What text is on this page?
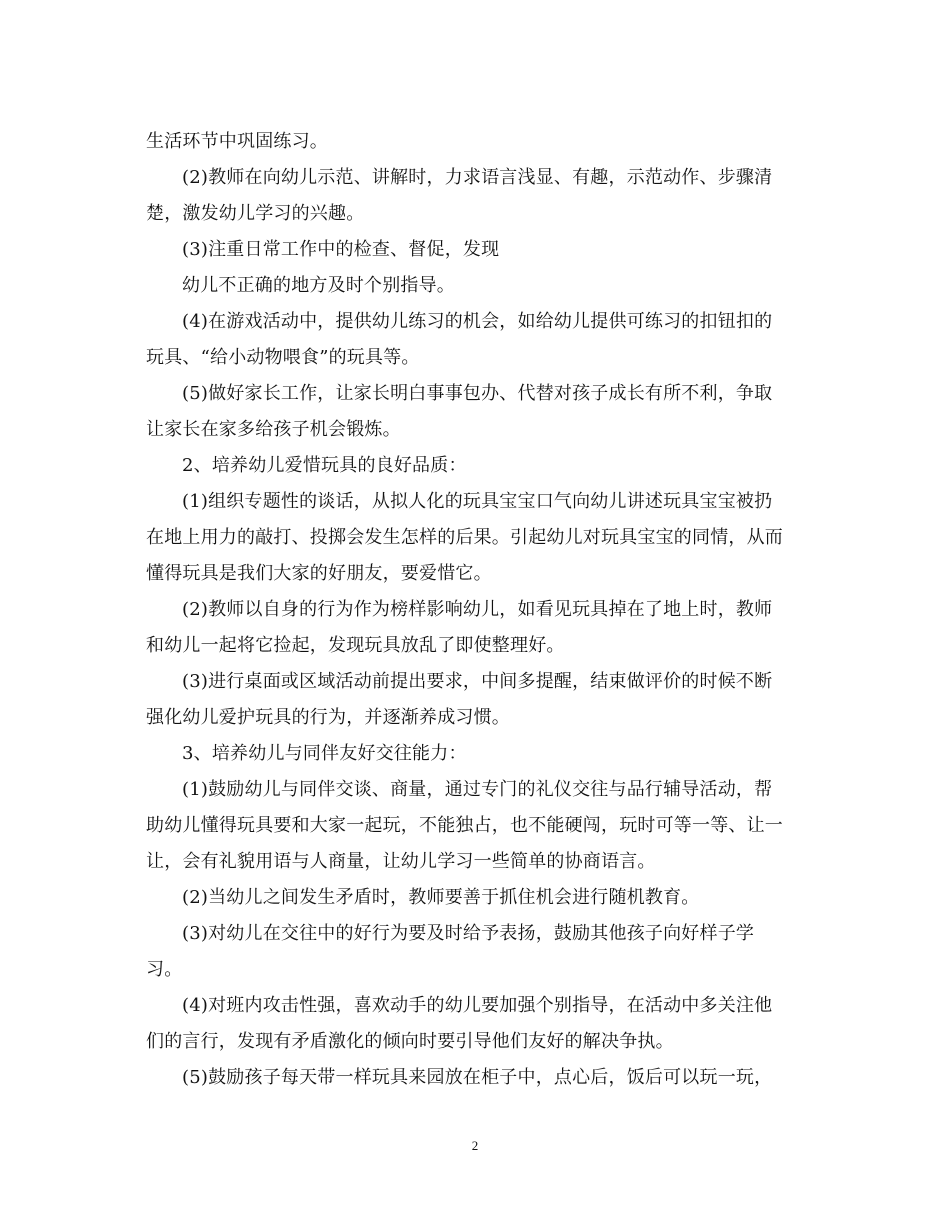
生活环节中巩固练习。
(2)教师在向幼儿示范、讲解时，力求语言浅显、有趣，示范动作、步骤清
楚，激发幼儿学习的兴趣。
(3)注重日常工作中的检查、督促，发现
幼儿不正确的地方及时个别指导。
(4)在游戏活动中，提供幼儿练习的机会，如给幼儿提供可练习的扣钮扣的
玩具、“给小动物喂食”的玩具等。
(5)做好家长工作，让家长明白事事包办、代替对孩子成长有所不利，争取
让家长在家多给孩子机会锻炼。
2、培养幼儿爱惜玩具的良好品质：
(1)组织专题性的谈话，从拟人化的玩具宝宝口气向幼儿讲述玩具宝宝被扔
在地上用力的敲打、投掷会发生怎样的后果。引起幼儿对玩具宝宝的同情，从而
懂得玩具是我们大家的好朋友，要爱惜它。
(2)教师以自身的行为作为榜样影响幼儿，如看见玩具掉在了地上时，教师
和幼儿一起将它捡起，发现玩具放乱了即使整理好。
(3)进行桌面或区域活动前提出要求，中间多提醒，结束做评价的时候不断
强化幼儿爱护玩具的行为，并逐渐养成习惯。
3、培养幼儿与同伴友好交往能力：
(1)鼓励幼儿与同伴交谈、商量，通过专门的礼仪交往与品行辅导活动，帮
助幼儿懂得玩具要和大家一起玩，不能独占，也不能硬闯，玩时可等一等、让一
让，会有礼貌用语与人商量，让幼儿学习一些简单的协商语言。
(2)当幼儿之间发生矛盾时，教师要善于抓住机会进行随机教育。
(3)对幼儿在交往中的好行为要及时给予表扬，鼓励其他孩子向好样子学
习。
(4)对班内攻击性强，喜欢动手的幼儿要加强个别指导，在活动中多关注他
们的言行，发现有矛盾激化的倾向时要引导他们友好的解决争执。
(5)鼓励孩子每天带一样玩具来园放在柜子中，点心后，饭后可以玩一玩，
2
